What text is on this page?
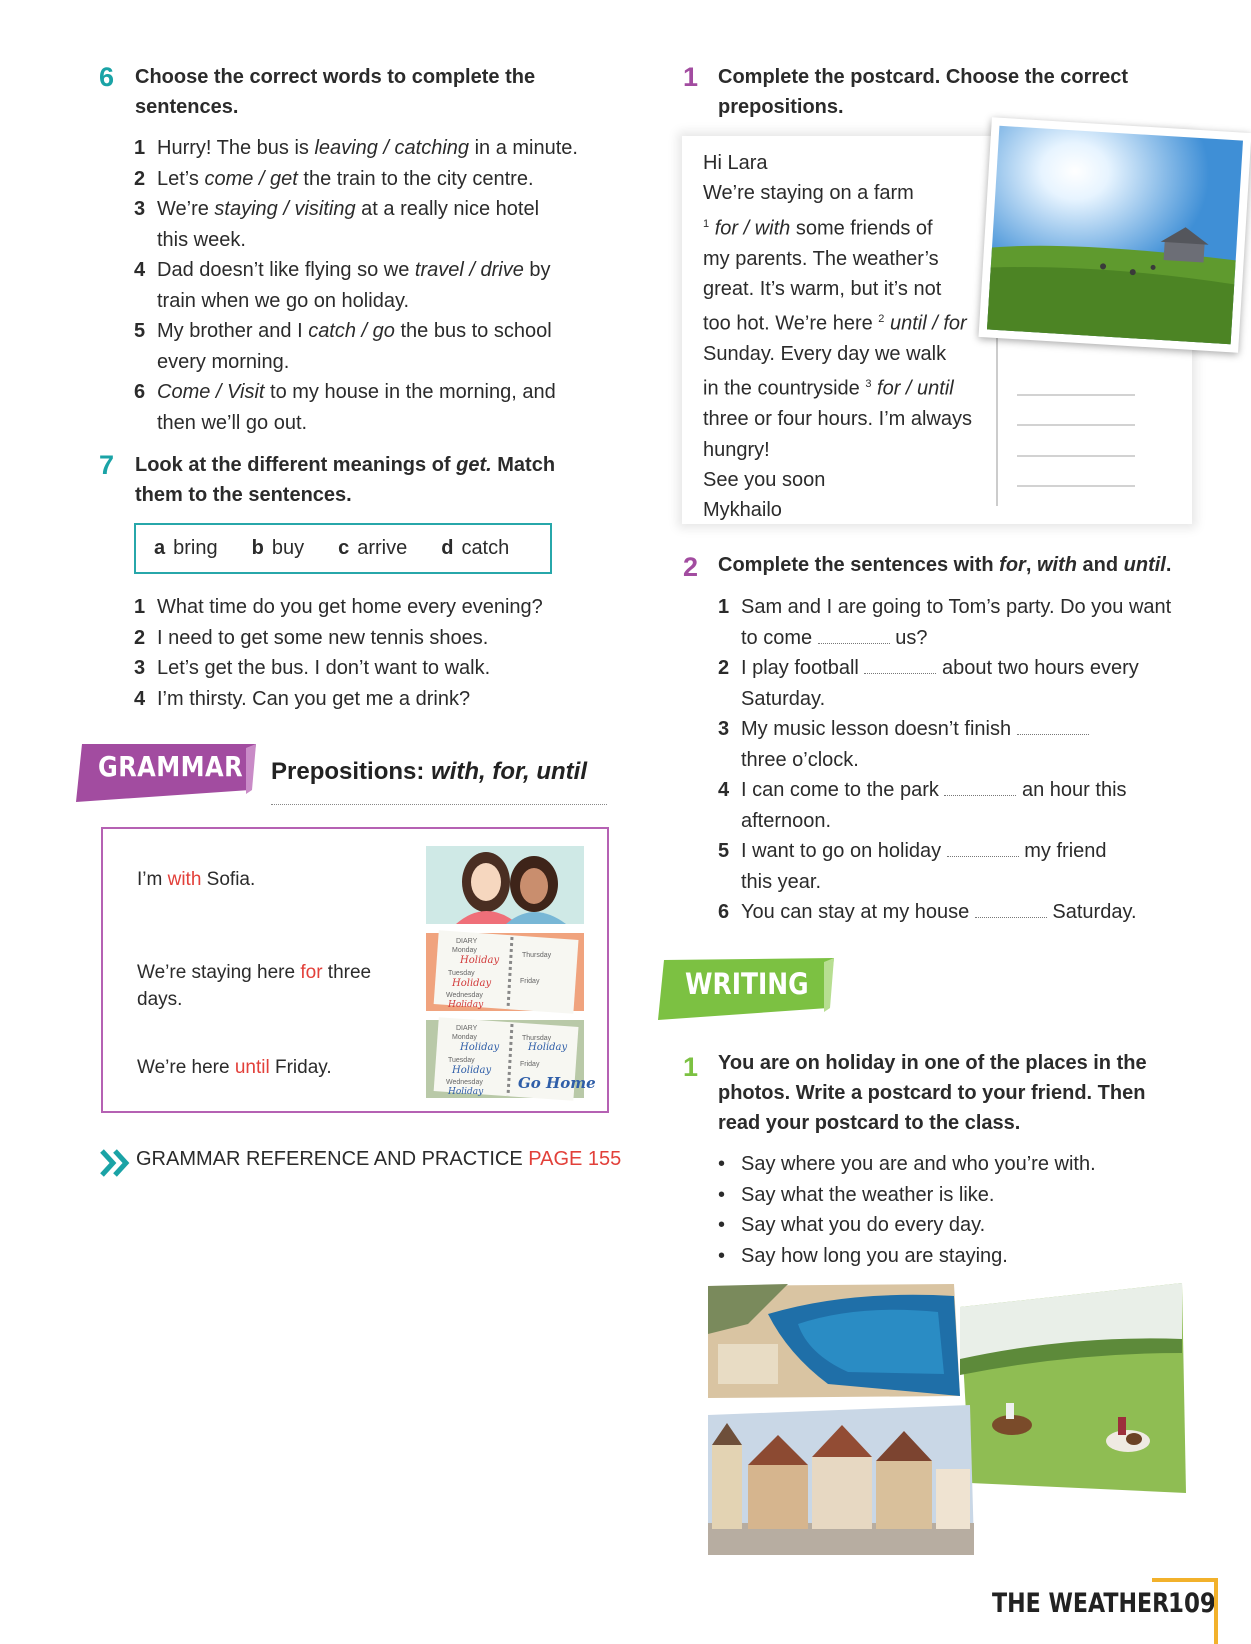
6 Choose the correct words to complete the
sentences.
1 Hurry! The bus is leaving / catching in a minute.
2 Let’s come / get the train to the city centre.
3 We’re staying / visiting at a really nice hotel
this week.
4 Dad doesn’t like flying so we travel / drive by
train when we go on holiday.
5 My brother and I catch / go the bus to school
every morning.
6 Come / Visit to my house in the morning, and
then we’ll go out.
7 Look at the different meanings of get. Match
them to the sentences.
a bring b buy c arrive d catch
1 What time do you get home every evening?
2 I need to get some new tennis shoes.
3 Let’s get the bus. I don’t want to walk.
4 I’m thirsty. Can you get me a drink?
GRAMMAR Prepositions: with, for, until
I’m with Sofia.
We’re staying here for three
days.
We’re here until Friday.
DIARY
Monday
Holiday
Tuesday
Holiday
Wednesday
Holiday
Thursday
Friday
DIARY
Monday
Holiday
Tuesday
Holiday
Wednesday
Holiday
Thursday
Holiday
Friday
Go Home
GRAMMAR REFERENCE AND PRACTICE PAGE 155
1 Complete the postcard. Choose the correct
prepositions.
Hi Lara
We’re staying on a farm
$^1$ for / with some friends of
my parents. The weather’s
great. It’s warm, but it’s not
too hot. We’re here $^2$ until / for
Sunday. Every day we walk
in the countryside $^3$ for / until
three or four hours. I’m always
hungry!
See you soon
Mykhailo
2 Complete the sentences with for, with and until.
1 Sam and I are going to Tom’s party. Do you want
to come	us?
2 I play football	about two hours every
Saturday.
3 My music lesson doesn’t finish
three o’clock.
4 I can come to the park	an hour this
afternoon.
5 I want to go on holiday	my friend
this year.
6 You can stay at my house	Saturday.
WRITING
1 You are on holiday in one of the places in the
photos. Write a postcard to your friend. Then
read your postcard to the class.
• Say where you are and who you’re with.
• Say what the weather is like.
• Say what you do every day.
• Say how long you are staying.
THE WEATHER
109
